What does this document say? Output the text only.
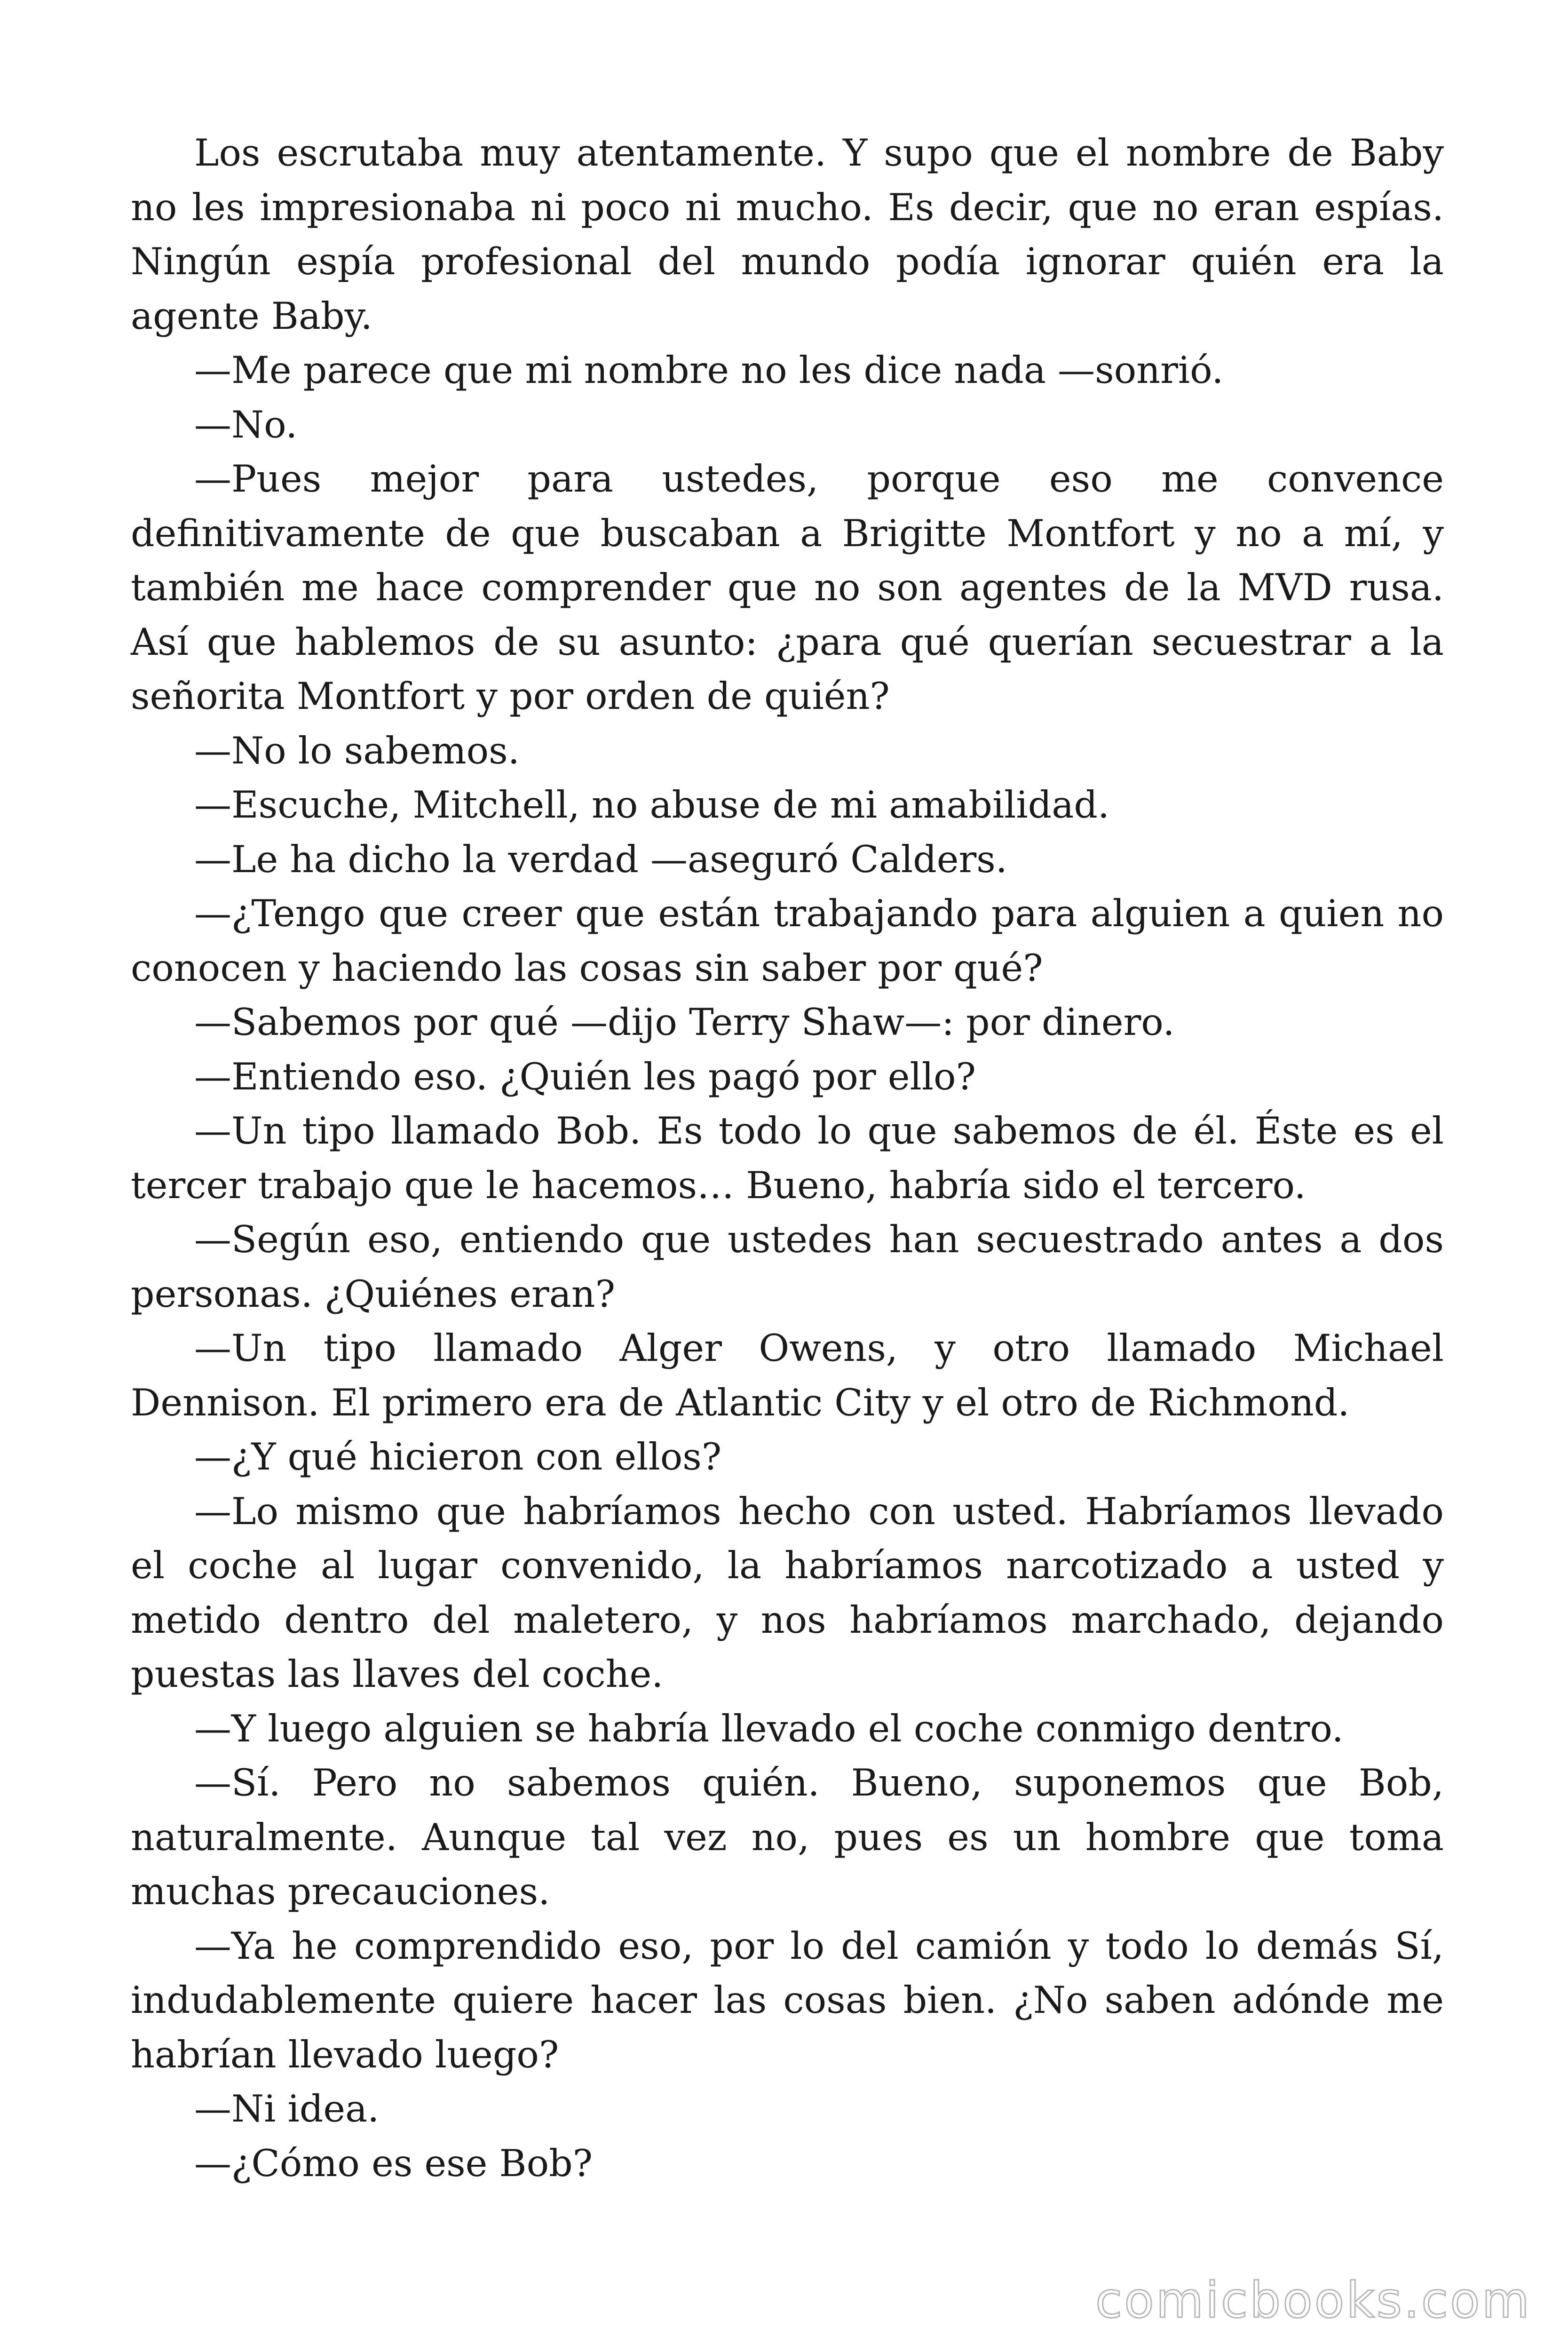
Los escrutaba muy atentamente. Y supo que el nombre de Baby no les impresionaba ni poco ni mucho. Es decir, que no eran espías. Ningún espía profesional del mundo podía ignorar quién era la agente Baby.

—Me parece que mi nombre no les dice nada —sonrió.

—No.

—Pues mejor para ustedes, porque eso me convence definitivamente de que buscaban a Brigitte Montfort y no a mí, y también me hace comprender que no son agentes de la MVD rusa. Así que hablemos de su asunto: ¿para qué querían secuestrar a la señorita Montfort y por orden de quién?

—No lo sabemos.

—Escuche, Mitchell, no abuse de mi amabilidad.

—Le ha dicho la verdad —aseguró Calders.

—¿Tengo que creer que están trabajando para alguien a quien no conocen y haciendo las cosas sin saber por qué?

—Sabemos por qué —dijo Terry Shaw—: por dinero.

—Entiendo eso. ¿Quién les pagó por ello?

—Un tipo llamado Bob. Es todo lo que sabemos de él. Éste es el tercer trabajo que le hacemos… Bueno, habría sido el tercero.

—Según eso, entiendo que ustedes han secuestrado antes a dos personas. ¿Quiénes eran?

—Un tipo llamado Alger Owens, y otro llamado Michael Dennison. El primero era de Atlantic City y el otro de Richmond.

—¿Y qué hicieron con ellos?

—Lo mismo que habríamos hecho con usted. Habríamos llevado el coche al lugar convenido, la habríamos narcotizado a usted y metido dentro del maletero, y nos habríamos marchado, dejando puestas las llaves del coche.

—Y luego alguien se habría llevado el coche conmigo dentro.

—Sí. Pero no sabemos quién. Bueno, suponemos que Bob, naturalmente. Aunque tal vez no, pues es un hombre que toma muchas precauciones.

—Ya he comprendido eso, por lo del camión y todo lo demás Sí, indudablemente quiere hacer las cosas bien. ¿No saben adónde me habrían llevado luego?

—Ni idea.

—¿Cómo es ese Bob?

comicbooks.com
